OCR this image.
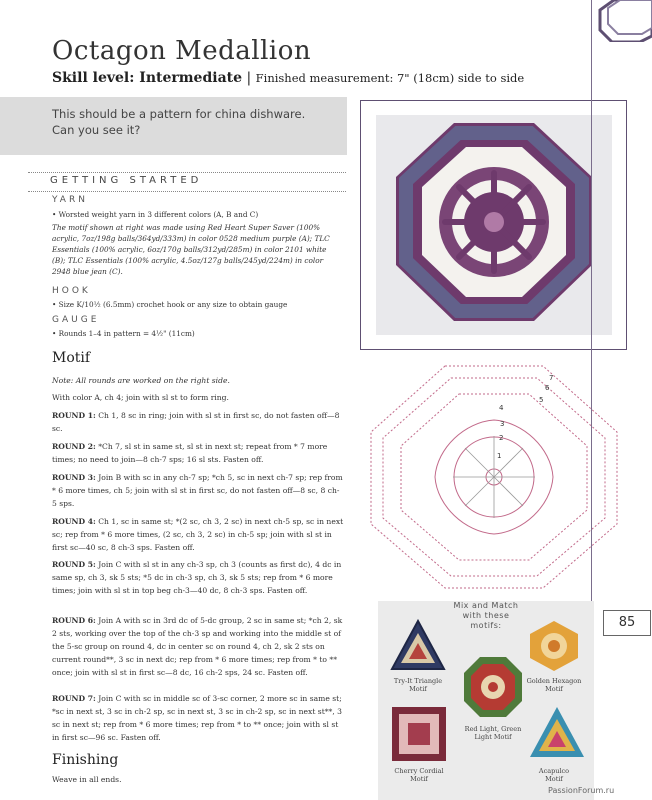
Octagon Medallion
Skill level: Intermediate | Finished measurement: 7" (18cm) side to side

This should be a pattern for china dishware.
Can you see it?

GETTING STARTED
YARN
• Worsted weight yarn in 3 different colors (A, B and C)
The motif shown at right was made using Red Heart Super Saver (100% acrylic, 7oz/198g balls/364yd/333m) in color 0528 medium purple (A); TLC Essentials (100% acrylic, 6oz/170g balls/312yd/285m) in color 2101 white (B); TLC Essentials (100% acrylic, 4.5oz/127g balls/245yd/224m) in color 2948 blue jean (C).
HOOK
• Size K/10½ (6.5mm) crochet hook or any size to obtain gauge
GAUGE
• Rounds 1–4 in pattern = 4½" (11cm)
Motif
Note: All rounds are worked on the right side.
With color A, ch 4; join with sl st to form ring.
ROUND 1: Ch 1, 8 sc in ring; join with sl st in first sc, do not fasten off—8 sc.
ROUND 2: *Ch 7, sl st in same st, sl st in next st; repeat from * 7 more times; no need to join—8 ch-7 sps; 16 sl sts. Fasten off.
ROUND 3: Join B with sc in any ch-7 sp; *ch 5, sc in next ch-7 sp; rep from * 6 more times, ch 5; join with sl st in first sc, do not fasten off—8 sc, 8 ch-5 sps.
ROUND 4: Ch 1, sc in same st; *(2 sc, ch 3, 2 sc) in next ch-5 sp, sc in next sc; rep from * 6 more times, (2 sc, ch 3, 2 sc) in ch-5 sp; join with sl st in first sc—40 sc, 8 ch-3 sps. Fasten off.
ROUND 5: Join C with sl st in any ch-3 sp, ch 3 (counts as first dc), 4 dc in same sp, ch 3, sk 5 sts; *5 dc in ch-3 sp, ch 3, sk 5 sts; rep from * 6 more times; join with sl st in top beg ch-3—40 dc, 8 ch-3 sps. Fasten off.
ROUND 6: Join A with sc in 3rd dc of 5-dc group, 2 sc in same st; *ch 2, sk 2 sts, working over the top of the ch-3 sp and working into the middle st of the 5-sc group on round 4, dc in center sc on round 4, ch 2, sk 2 sts on current round**, 3 sc in next dc; rep from * 6 more times; rep from * to ** once; join with sl st in first sc—8 dc, 16 ch-2 sps, 24 sc. Fasten off.
ROUND 7: Join C with sc in middle sc of 3-sc corner, 2 more sc in same st; *sc in next st, 3 sc in ch-2 sp, sc in next st, 3 sc in ch-2 sp, sc in next st**, 3 sc in next st; rep from * 6 more times; rep from * to ** once; join with sl st in first sc—96 sc. Fasten off.
Finishing
Weave in all ends.
1
2
3
4
5
6
7
85
Mix and Match
with these
motifs:
Try-It Triangle
Motif
Golden Hexagon
Motif
Red Light, Green
Light Motif
Cherry Cordial
Motif
Acapulco
Motif
PassionForum.ru
